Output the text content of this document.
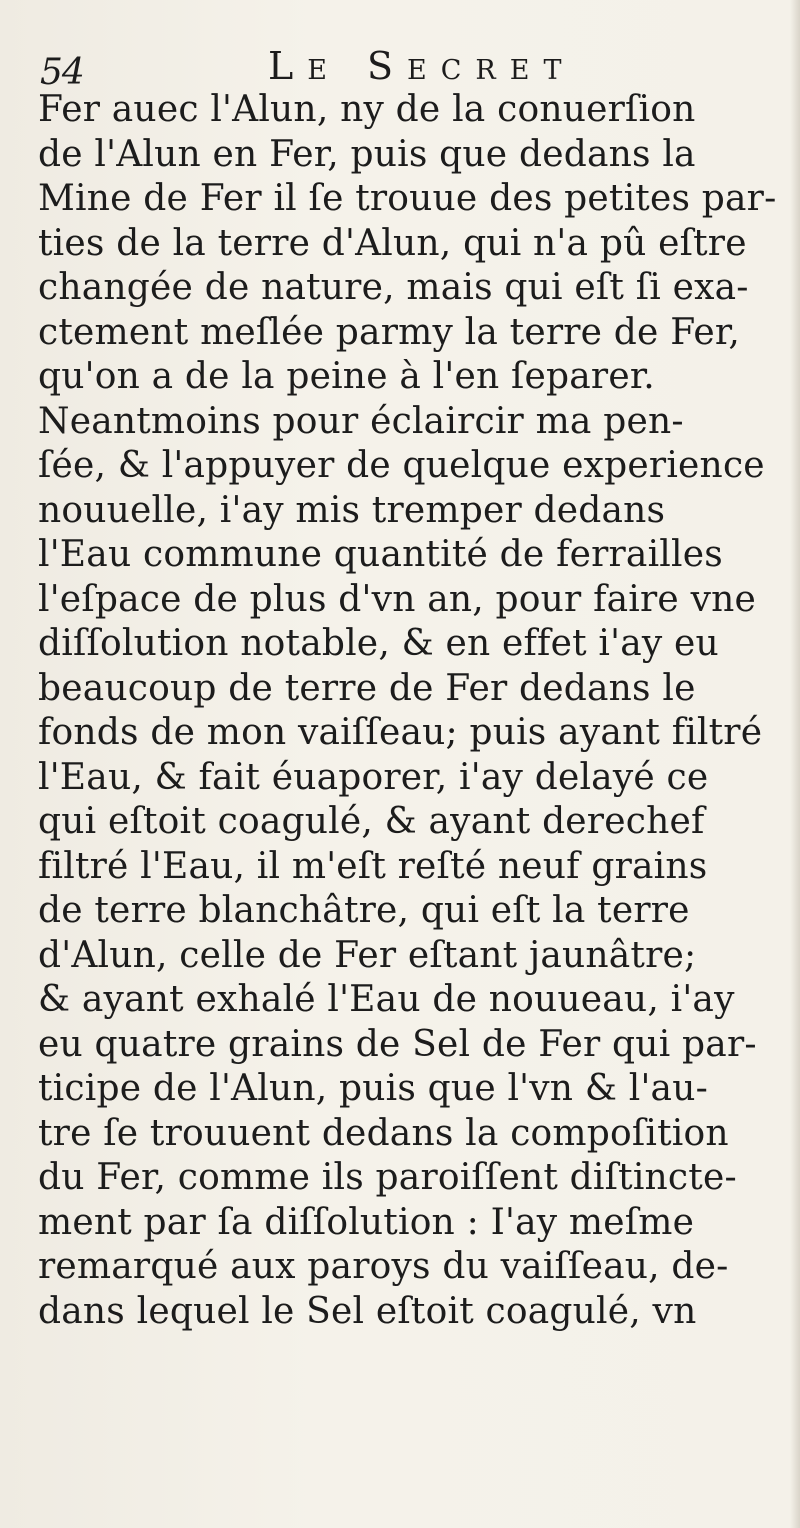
54	Le Secret
Fer auec l'Alun, ny de la conuerſion
de l'Alun en Fer, puis que dedans la
Mine de Fer il ſe trouue des petites par-
ties de la terre d'Alun, qui n'a pû eſtre
changée de nature, mais qui eſt ſi exa-
ctement meſlée parmy la terre de Fer,
qu'on a de la peine à l'en ſeparer.
Neantmoins pour éclaircir ma pen-
ſée, & l'appuyer de quelque experience
nouuelle, i'ay mis tremper dedans
l'Eau commune quantité de ferrailles
l'eſpace de plus d'vn an, pour faire vne
diſſolution notable, & en effet i'ay eu
beaucoup de terre de Fer dedans le
fonds de mon vaiſſeau; puis ayant filtré
l'Eau, & fait éuaporer, i'ay delayé ce
qui eſtoit coagulé, & ayant derechef
filtré l'Eau, il m'eſt reſté neuf grains
de terre blanchâtre, qui eſt la terre
d'Alun, celle de Fer eſtant jaunâtre;
& ayant exhalé l'Eau de nouueau, i'ay
eu quatre grains de Sel de Fer qui par-
ticipe de l'Alun, puis que l'vn & l'au-
tre ſe trouuent dedans la compoſition
du Fer, comme ils paroiſſent diſtincte-
ment par ſa diſſolution : I'ay meſme
remarqué aux paroys du vaiſſeau, de-
dans lequel le Sel eſtoit coagulé, vn
